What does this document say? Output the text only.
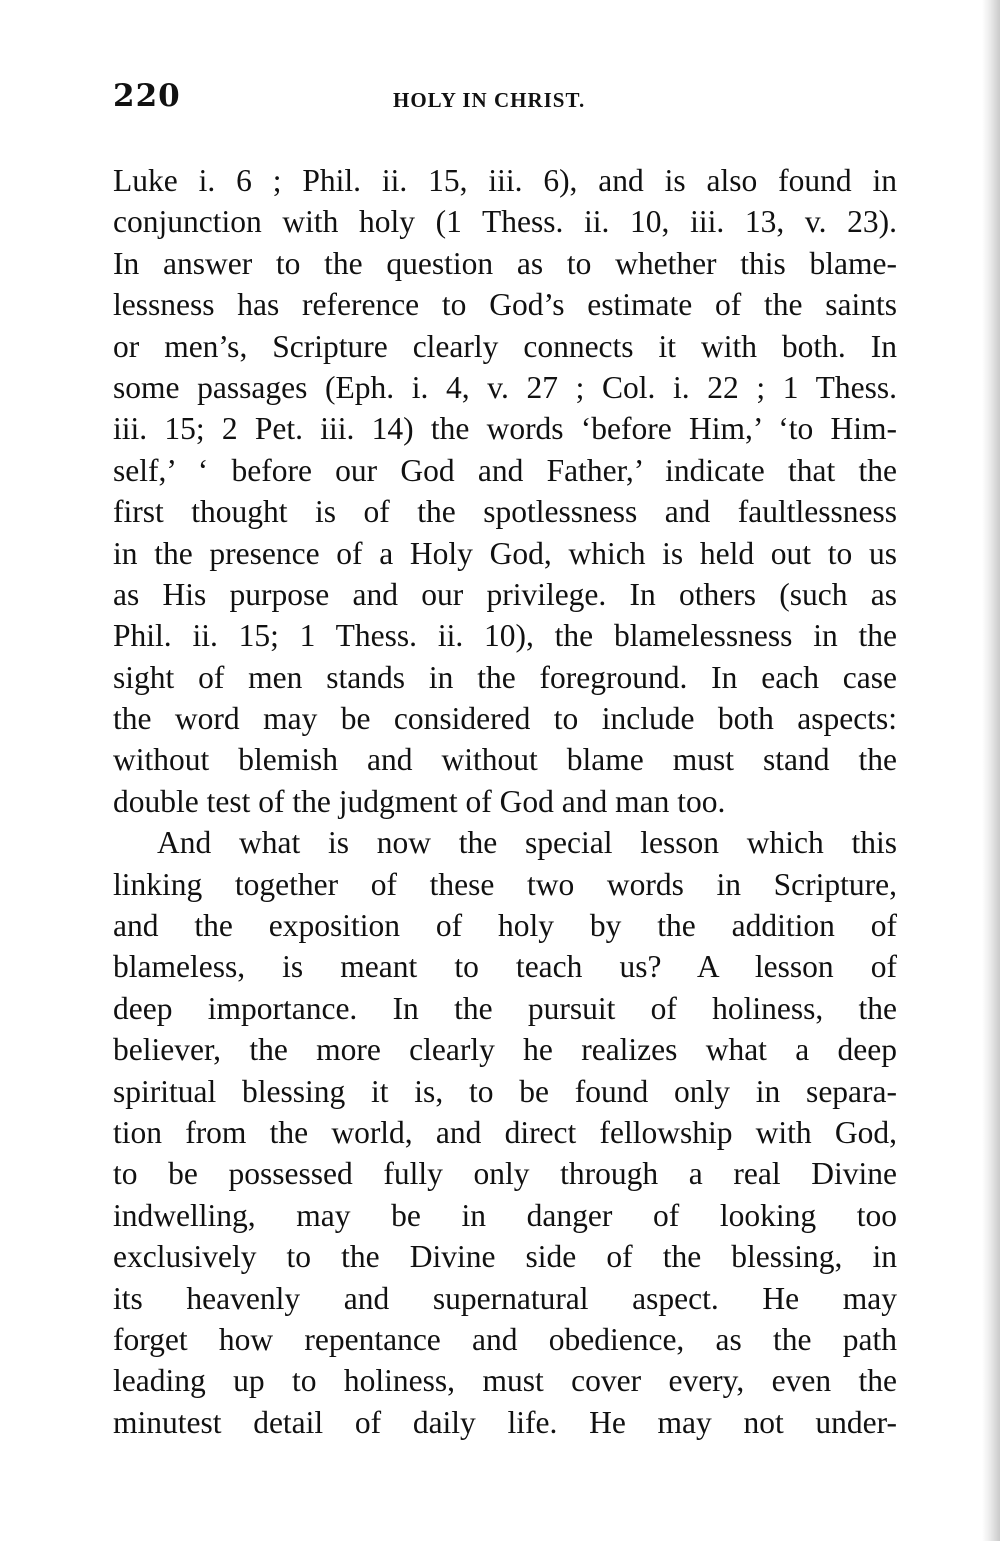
220	HOLY IN CHRIST.
Luke i. 6 ; Phil. ii. 15, iii. 6), and is also found in
conjunction with holy (1 Thess. ii. 10, iii. 13, v. 23).
In answer to the question as to whether this blame-
lessness has reference to God’s estimate of the saints
or men’s, Scripture clearly connects it with both. In
some passages (Eph. i. 4, v. 27 ; Col. i. 22 ; 1 Thess.
iii. 15; 2 Pet. iii. 14) the words ‘before Him,’ ‘to Him-
self,’ ‘ before our God and Father,’ indicate that the
first thought is of the spotlessness and faultlessness
in the presence of a Holy God, which is held out to us
as His purpose and our privilege. In others (such as
Phil. ii. 15; 1 Thess. ii. 10), the blamelessness in the
sight of men stands in the foreground. In each case
the word may be considered to include both aspects:
without blemish and without blame must stand the
double test of the judgment of God and man too.
And what is now the special lesson which this
linking together of these two words in Scripture,
and the exposition of holy by the addition of
blameless, is meant to teach us? A lesson of
deep importance. In the pursuit of holiness, the
believer, the more clearly he realizes what a deep
spiritual blessing it is, to be found only in separa-
tion from the world, and direct fellowship with God,
to be possessed fully only through a real Divine
indwelling, may be in danger of looking too
exclusively to the Divine side of the blessing, in
its heavenly and supernatural aspect. He may
forget how repentance and obedience, as the path
leading up to holiness, must cover every, even the
minutest detail of daily life. He may not under-
